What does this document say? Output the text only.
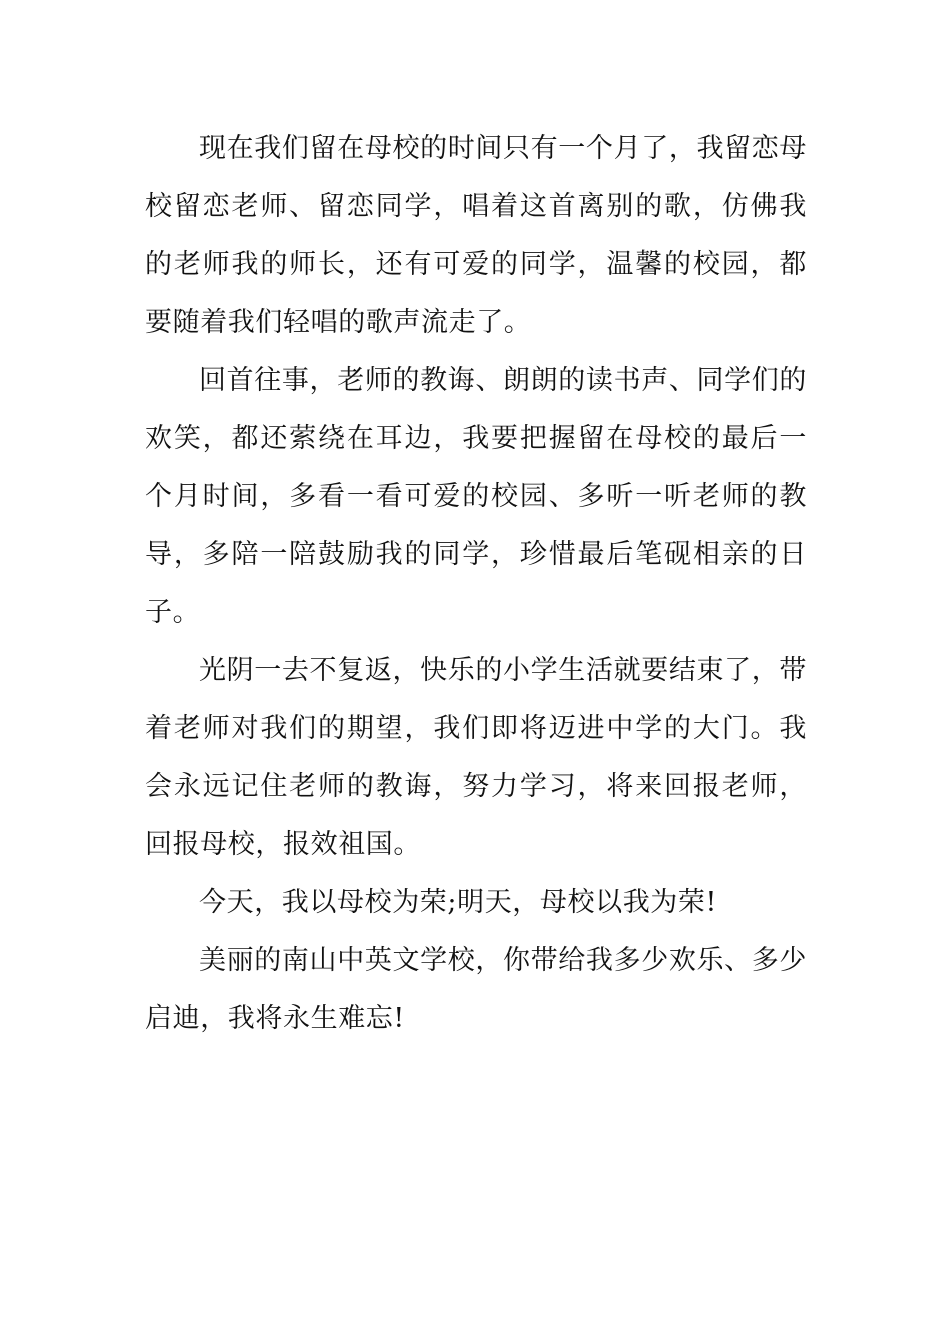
现在我们留在母校的时间只有一个月了，我留恋母校留恋老师、留恋同学，唱着这首离别的歌，仿佛我的老师我的师长，还有可爱的同学，温馨的校园，都要随着我们轻唱的歌声流走了。

回首往事，老师的教诲、朗朗的读书声、同学们的欢笑，都还萦绕在耳边，我要把握留在母校的最后一个月时间，多看一看可爱的校园、多听一听老师的教导，多陪一陪鼓励我的同学，珍惜最后笔砚相亲的日子。

光阴一去不复返，快乐的小学生活就要结束了，带着老师对我们的期望，我们即将迈进中学的大门。我会永远记住老师的教诲，努力学习，将来回报老师，回报母校，报效祖国。

今天，我以母校为荣;明天，母校以我为荣!

美丽的南山中英文学校，你带给我多少欢乐、多少启迪，我将永生难忘!
